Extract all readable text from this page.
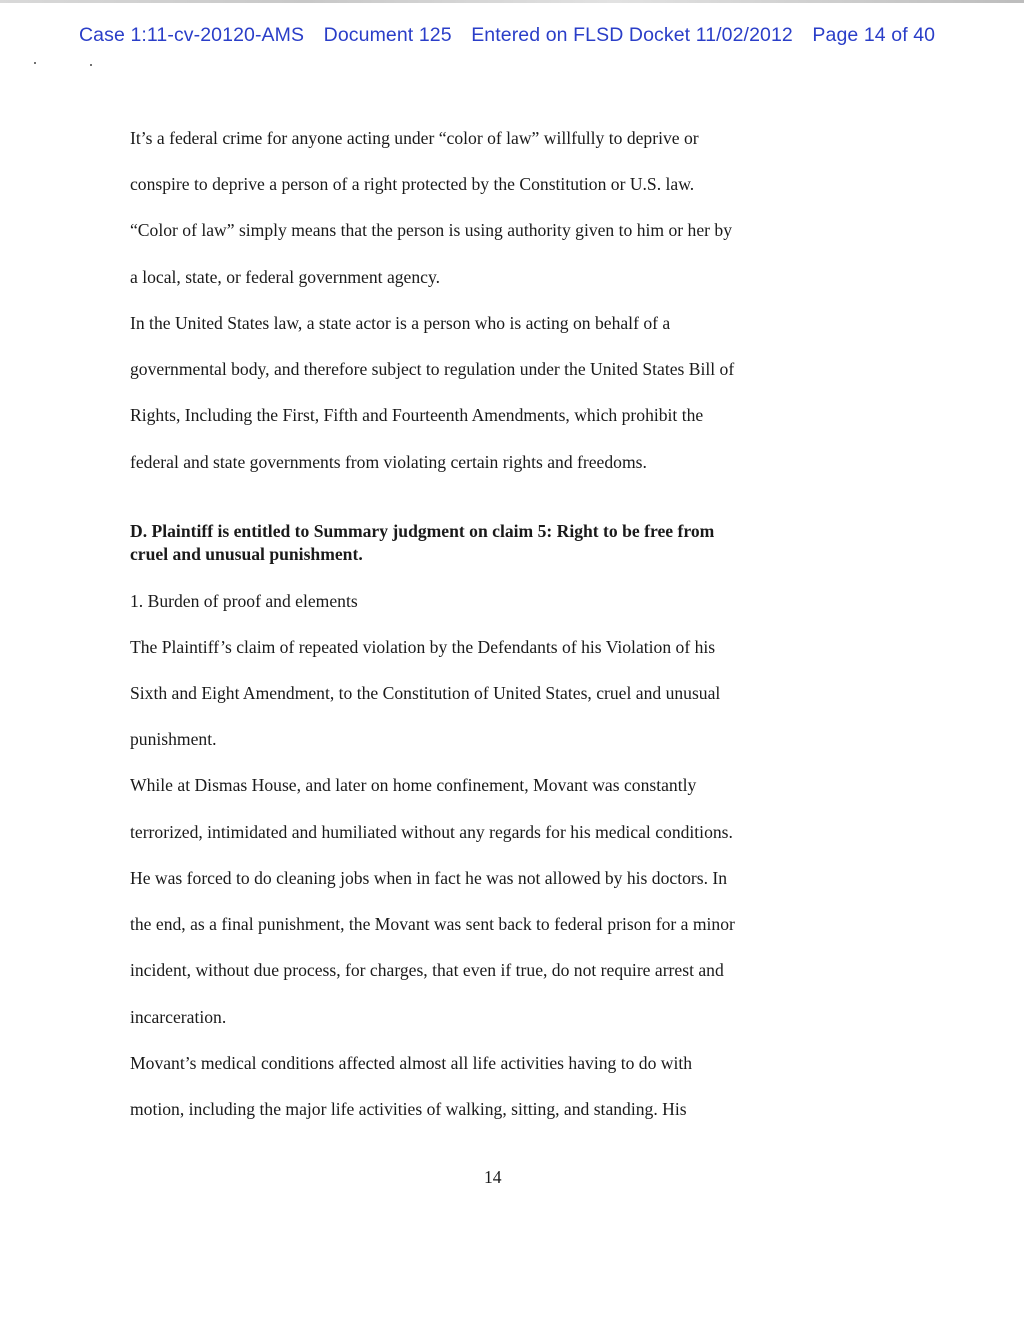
Case 1:11-cv-20120-AMS Document 125 Entered on FLSD Docket 11/02/2012 Page 14 of 40
It’s a federal crime for anyone acting under “color of law” willfully to deprive or
conspire to deprive a person of a right protected by the Constitution or U.S. law.
“Color of law” simply means that the person is using authority given to him or her by
a local, state, or federal government agency.
In the United States law, a state actor is a person who is acting on behalf of a
governmental body, and therefore subject to regulation under the United States Bill of
Rights, Including the First, Fifth and Fourteenth Amendments, which prohibit the
federal and state governments from violating certain rights and freedoms.
D. Plaintiff is entitled to Summary judgment on claim 5: Right to be free from
cruel and unusual punishment.
1. Burden of proof and elements
The Plaintiff’s claim of repeated violation by the Defendants of his Violation of his
Sixth and Eight Amendment, to the Constitution of United States, cruel and unusual
punishment.
While at Dismas House, and later on home confinement, Movant was constantly
terrorized, intimidated and humiliated without any regards for his medical conditions.
He was forced to do cleaning jobs when in fact he was not allowed by his doctors. In
the end, as a final punishment, the Movant was sent back to federal prison for a minor
incident, without due process, for charges, that even if true, do not require arrest and
incarceration.
Movant’s medical conditions affected almost all life activities having to do with
motion, including the major life activities of walking, sitting, and standing. His
14
